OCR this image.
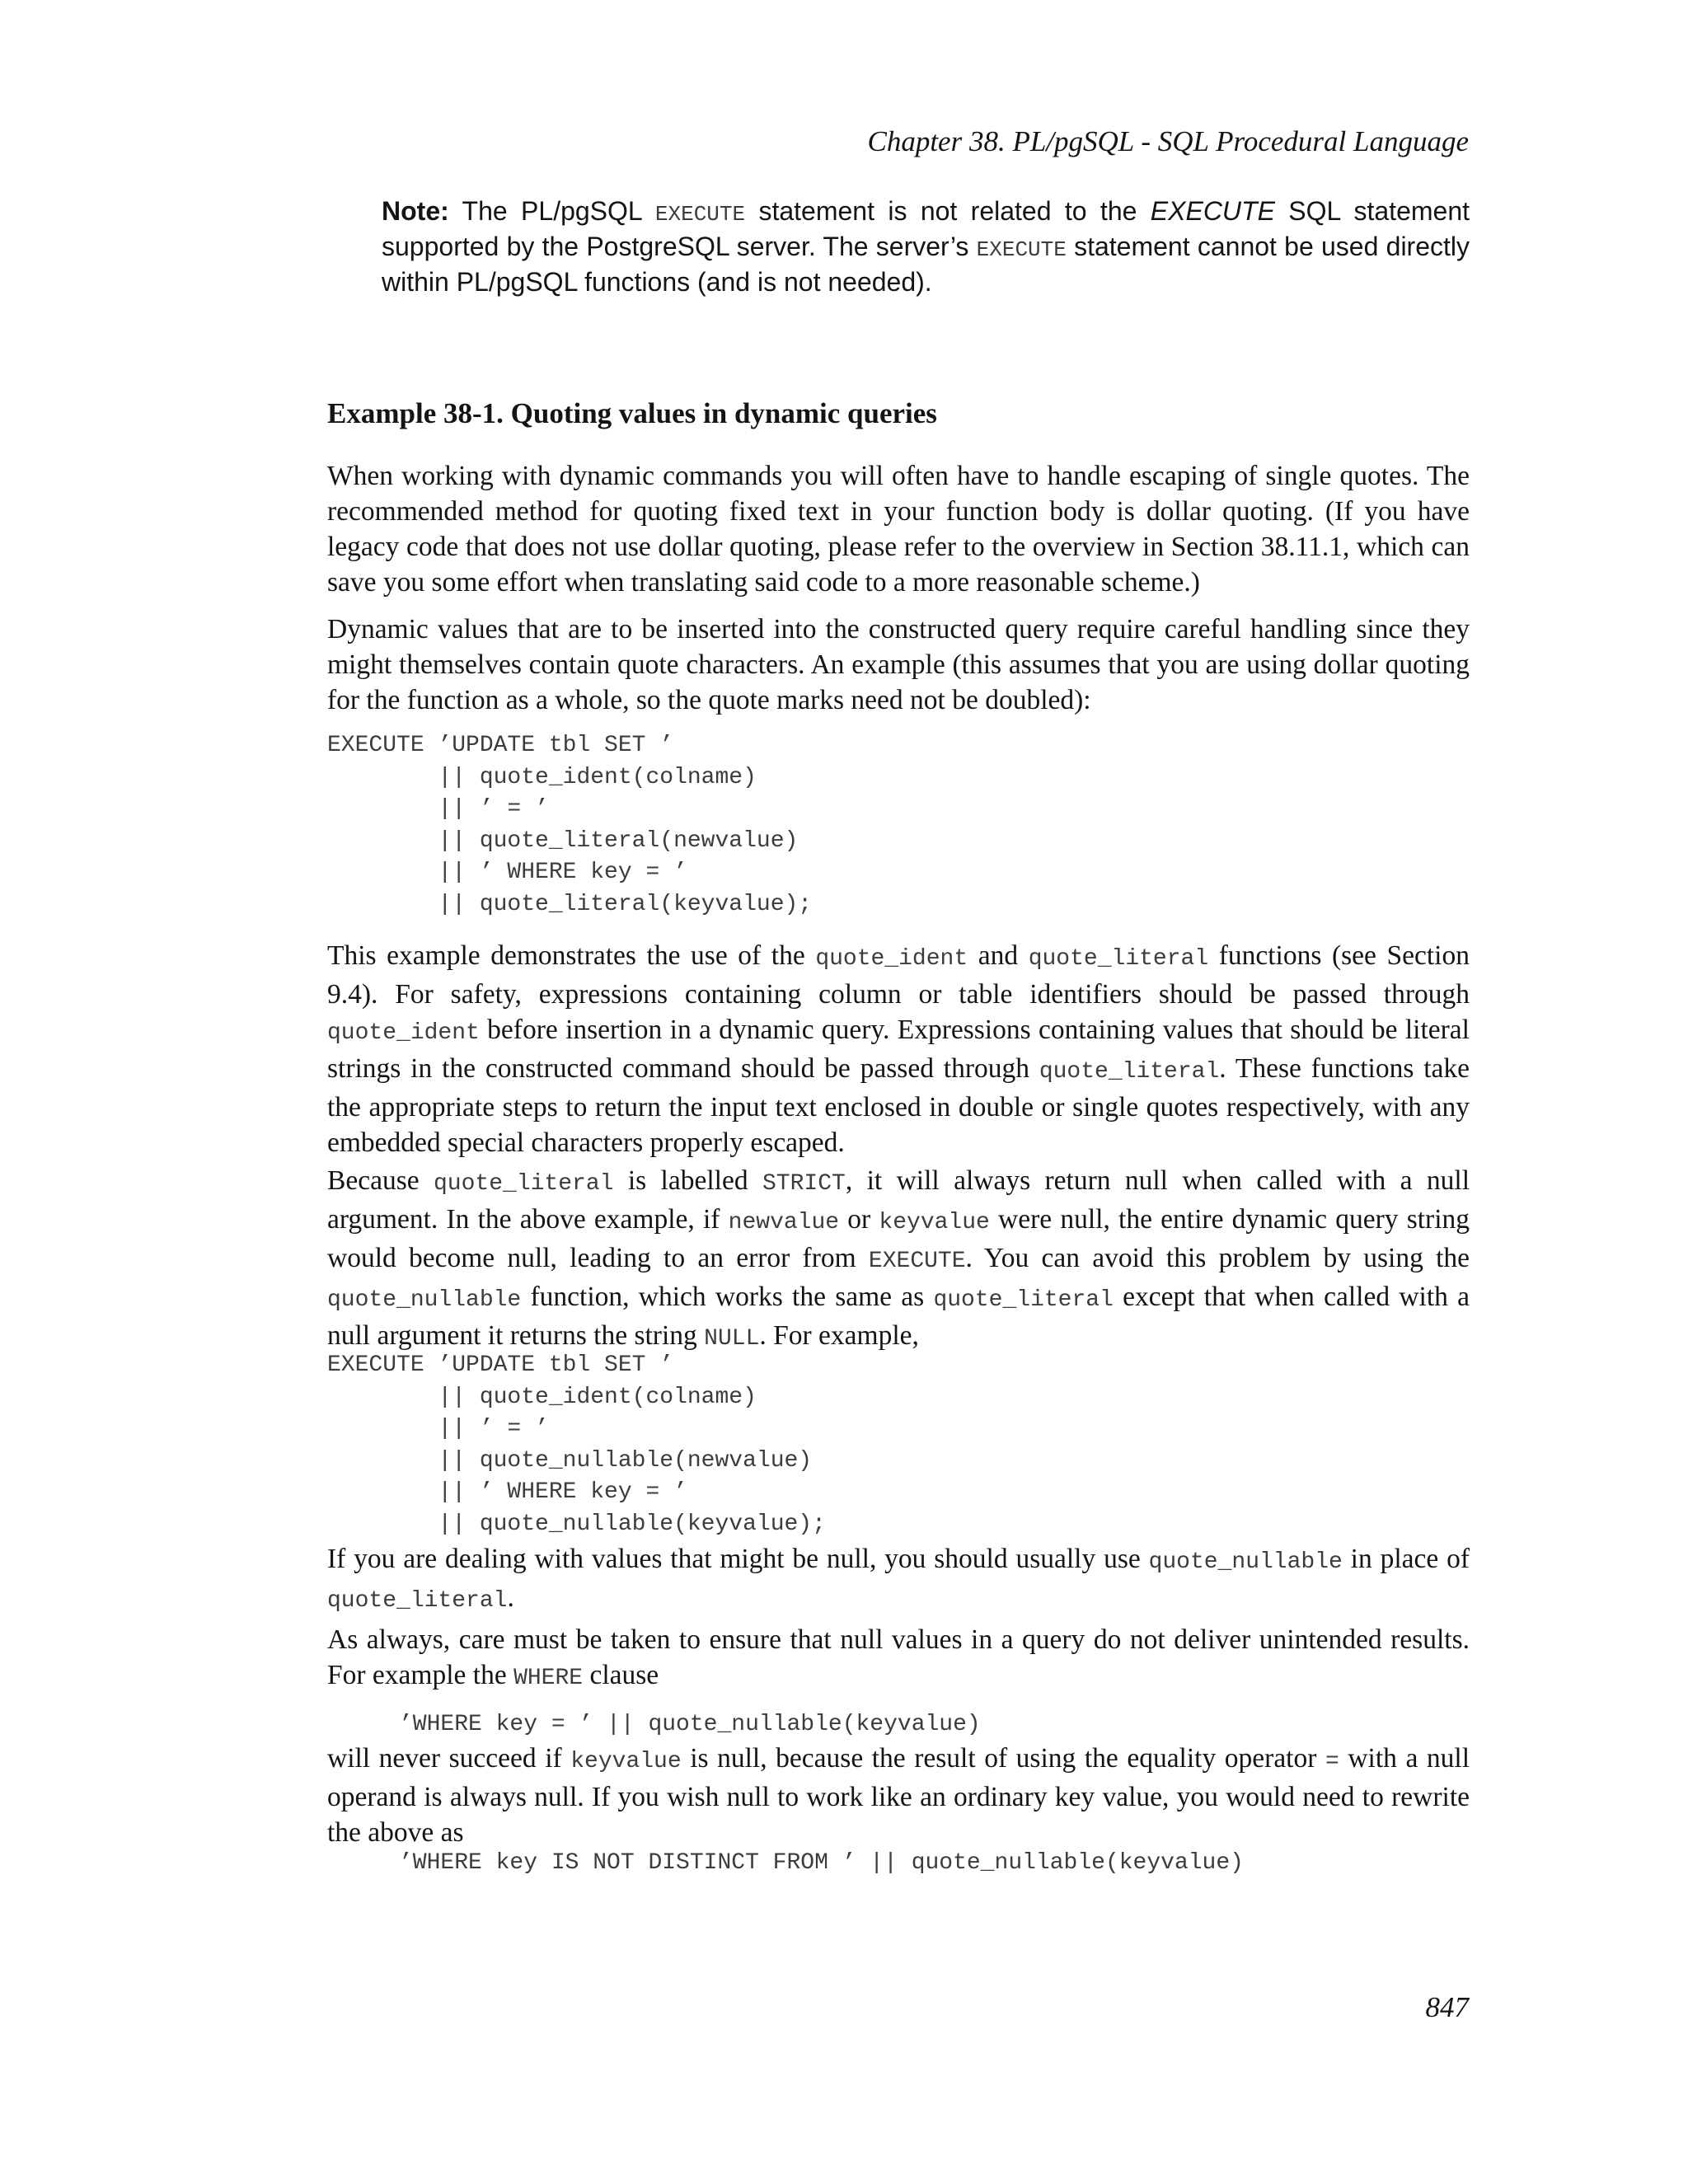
Chapter 38. PL/pgSQL - SQL Procedural Language
Note: The PL/pgSQL EXECUTE statement is not related to the EXECUTE SQL statement supported by the PostgreSQL server. The server’s EXECUTE statement cannot be used directly within PL/pgSQL functions (and is not needed).
Example 38-1. Quoting values in dynamic queries
When working with dynamic commands you will often have to handle escaping of single quotes. The recommended method for quoting fixed text in your function body is dollar quoting. (If you have legacy code that does not use dollar quoting, please refer to the overview in Section 38.11.1, which can save you some effort when translating said code to a more reasonable scheme.)
Dynamic values that are to be inserted into the constructed query require careful handling since they might themselves contain quote characters. An example (this assumes that you are using dollar quoting for the function as a whole, so the quote marks need not be doubled):
EXECUTE ’UPDATE tbl SET ’
|| quote_ident(colname)
|| ’ = ’
|| quote_literal(newvalue)
|| ’ WHERE key = ’
|| quote_literal(keyvalue);
This example demonstrates the use of the quote_ident and quote_literal functions (see Section 9.4). For safety, expressions containing column or table identifiers should be passed through quote_ident before insertion in a dynamic query. Expressions containing values that should be literal strings in the constructed command should be passed through quote_literal. These functions take the appropriate steps to return the input text enclosed in double or single quotes respectively, with any embedded special characters properly escaped.
Because quote_literal is labelled STRICT, it will always return null when called with a null argument. In the above example, if newvalue or keyvalue were null, the entire dynamic query string would become null, leading to an error from EXECUTE. You can avoid this problem by using the quote_nullable function, which works the same as quote_literal except that when called with a null argument it returns the string NULL. For example,
EXECUTE ’UPDATE tbl SET ’
|| quote_ident(colname)
|| ’ = ’
|| quote_nullable(newvalue)
|| ’ WHERE key = ’
|| quote_nullable(keyvalue);
If you are dealing with values that might be null, you should usually use quote_nullable in place of quote_literal.
As always, care must be taken to ensure that null values in a query do not deliver unintended results. For example the WHERE clause
’WHERE key = ’ || quote_nullable(keyvalue)
will never succeed if keyvalue is null, because the result of using the equality operator = with a null operand is always null. If you wish null to work like an ordinary key value, you would need to rewrite the above as
’WHERE key IS NOT DISTINCT FROM ’ || quote_nullable(keyvalue)
847
